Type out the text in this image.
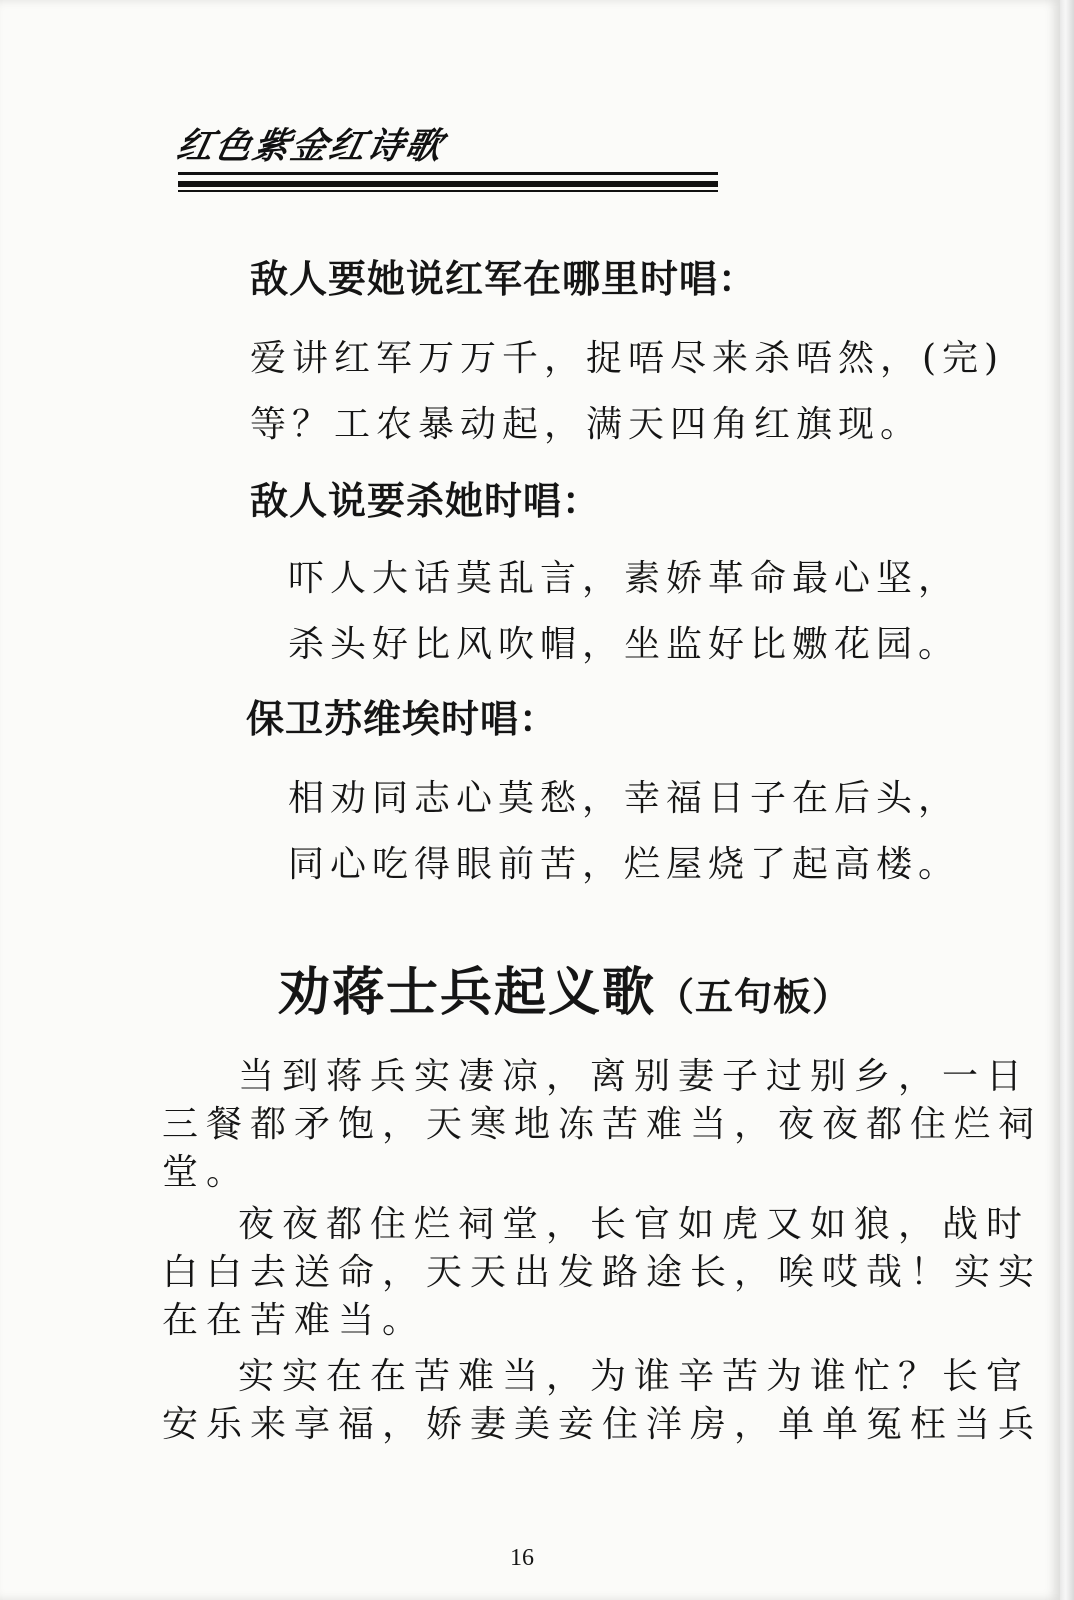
红色紫金红诗歌
敌人要她说红军在哪里时唱：
爱讲红军万万千，捉唔尽来杀唔然，(完)
等？工农暴动起，满天四角红旗现。
敌人说要杀她时唱：
吓人大话莫乱言，素娇革命最心坚，
杀头好比风吹帽，坐监好比嫐花园。
保卫苏维埃时唱：
相劝同志心莫愁，幸福日子在后头，
同心吃得眼前苦，烂屋烧了起高楼。
劝蒋士兵起义歌（五句板）
当到蒋兵实凄凉，离别妻子过别乡，一日
三餐都矛饱，天寒地冻苦难当，夜夜都住烂祠
堂。
夜夜都住烂祠堂，长官如虎又如狼，战时
白白去送命，天天出发路途长，唉哎哉！实实
在在苦难当。
实实在在苦难当，为谁辛苦为谁忙？长官
安乐来享福，娇妻美妾住洋房，单单冤枉当兵
16
